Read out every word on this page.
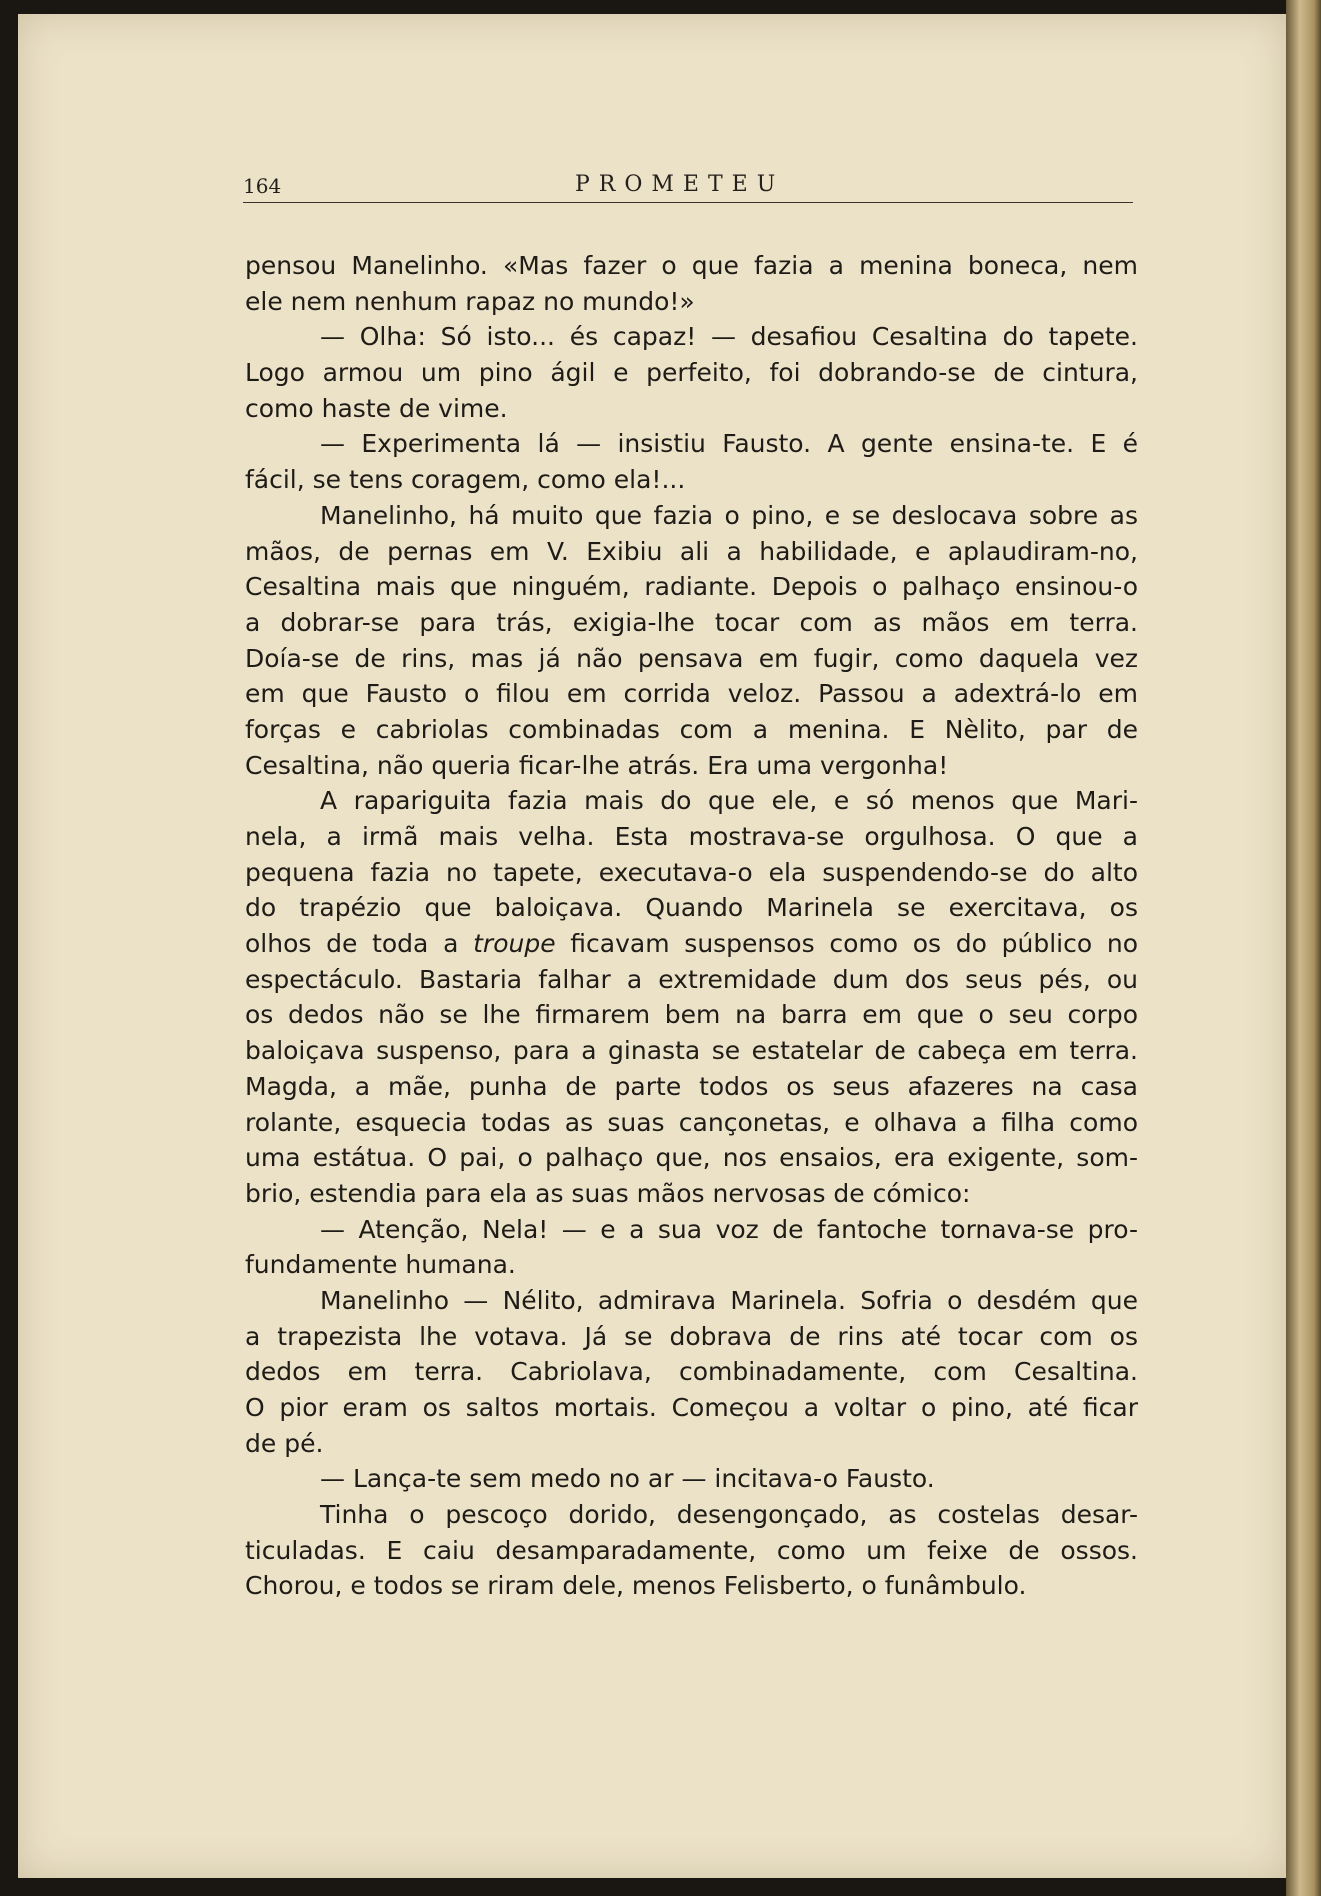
164	PROMETEU
pensou Manelinho. «Mas fazer o que fazia a menina boneca, nem
ele nem nenhum rapaz no mundo!»
— Olha: Só isto... és capaz! — desafiou Cesaltina do tapete.
Logo armou um pino ágil e perfeito, foi dobrando-se de cintura,
como haste de vime.
— Experimenta lá — insistiu Fausto. A gente ensina-te. E é
fácil, se tens coragem, como ela!...
Manelinho, há muito que fazia o pino, e se deslocava sobre as
mãos, de pernas em V. Exibiu ali a habilidade, e aplaudiram-no,
Cesaltina mais que ninguém, radiante. Depois o palhaço ensinou-o
a dobrar-se para trás, exigia-lhe tocar com as mãos em terra.
Doía-se de rins, mas já não pensava em fugir, como daquela vez
em que Fausto o filou em corrida veloz. Passou a adextrá-lo em
forças e cabriolas combinadas com a menina. E Nèlito, par de
Cesaltina, não queria ficar-lhe atrás. Era uma vergonha!
A rapariguita fazia mais do que ele, e só menos que Mari-
nela, a irmã mais velha. Esta mostrava-se orgulhosa. O que a
pequena fazia no tapete, executava-o ela suspendendo-se do alto
do trapézio que baloiçava. Quando Marinela se exercitava, os
olhos de toda a troupe ficavam suspensos como os do público no
espectáculo. Bastaria falhar a extremidade dum dos seus pés, ou
os dedos não se lhe firmarem bem na barra em que o seu corpo
baloiçava suspenso, para a ginasta se estatelar de cabeça em terra.
Magda, a mãe, punha de parte todos os seus afazeres na casa
rolante, esquecia todas as suas cançonetas, e olhava a filha como
uma estátua. O pai, o palhaço que, nos ensaios, era exigente, som-
brio, estendia para ela as suas mãos nervosas de cómico:
— Atenção, Nela! — e a sua voz de fantoche tornava-se pro-
fundamente humana.
Manelinho — Nélito, admirava Marinela. Sofria o desdém que
a trapezista lhe votava. Já se dobrava de rins até tocar com os
dedos em terra. Cabriolava, combinadamente, com Cesaltina.
O pior eram os saltos mortais. Começou a voltar o pino, até ficar
de pé.
— Lança-te sem medo no ar — incitava-o Fausto.
Tinha o pescoço dorido, desengonçado, as costelas desar-
ticuladas. E caiu desamparadamente, como um feixe de ossos.
Chorou, e todos se riram dele, menos Felisberto, o funâmbulo.
